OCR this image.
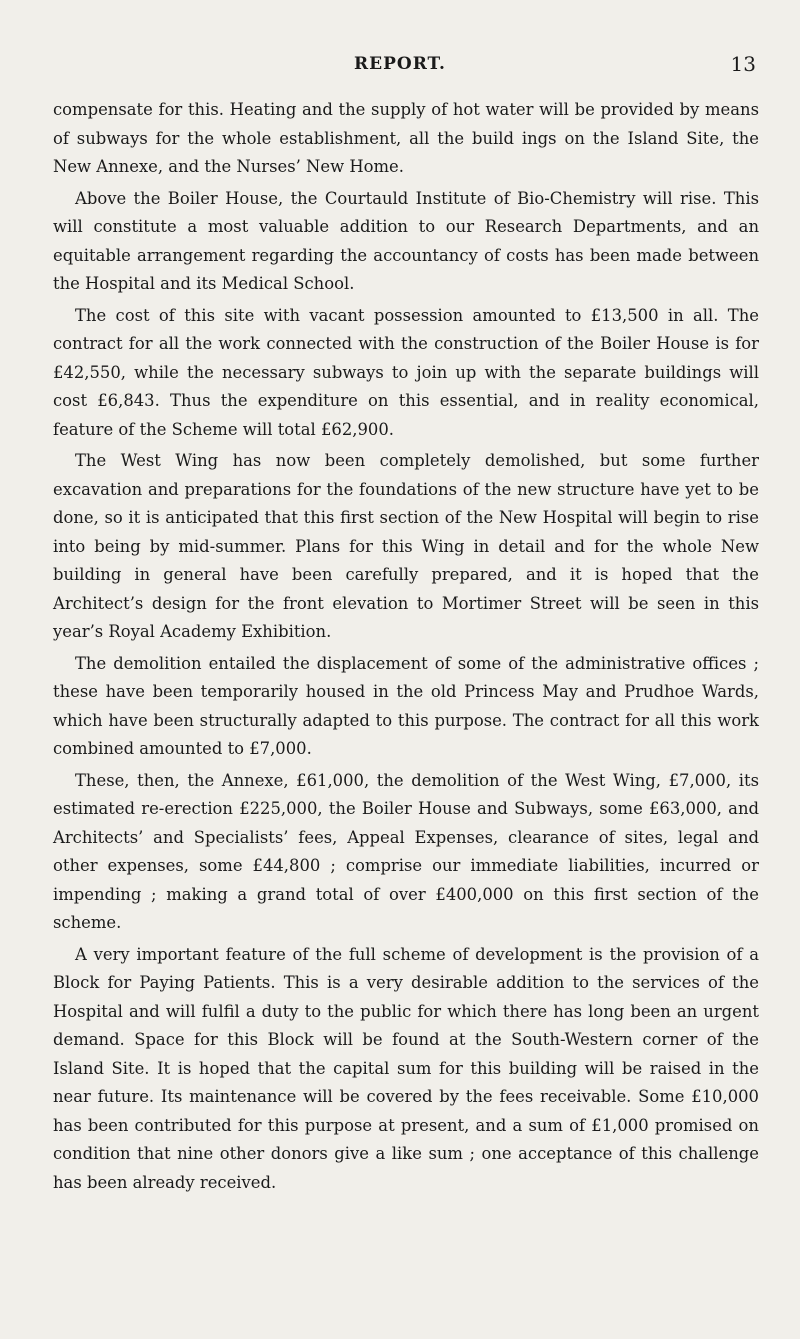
REPORT.	13

compensate for this. Heating and the supply of hot water will be provided by means of subways for the whole establishment, all the build ings on the Island Site, the New Annexe, and the Nurses’ New Home.

Above the Boiler House, the Courtauld Institute of Bio-Chemistry will rise. This will constitute a most valuable addition to our Research Departments, and an equitable arrangement regarding the accountancy of costs has been made between the Hospital and its Medical School.

The cost of this site with vacant possession amounted to £13,500 in all. The contract for all the work connected with the construction of the Boiler House is for £42,550, while the necessary subways to join up with the separate buildings will cost £6,843. Thus the expenditure on this essential, and in reality economical, feature of the Scheme will total £62,900.

The West Wing has now been completely demolished, but some further excavation and preparations for the foundations of the new structure have yet to be done, so it is anticipated that this first section of the New Hospital will begin to rise into being by mid-summer. Plans for this Wing in detail and for the whole New building in general have been carefully prepared, and it is hoped that the Architect’s design for the front elevation to Mortimer Street will be seen in this year’s Royal Academy Exhibition.

The demolition entailed the displacement of some of the administrative offices ; these have been temporarily housed in the old Princess May and Prudhoe Wards, which have been structurally adapted to this purpose. The contract for all this work combined amounted to £7,000.

These, then, the Annexe, £61,000, the demolition of the West Wing, £7,000, its estimated re-erection £225,000, the Boiler House and Subways, some £63,000, and Architects’ and Specialists’ fees, Appeal Expenses, clearance of sites, legal and other expenses, some £44,800 ; comprise our immediate liabilities, incurred or impending ; making a grand total of over £400,000 on this first section of the scheme.

A very important feature of the full scheme of development is the provision of a Block for Paying Patients. This is a very desirable addition to the services of the Hospital and will fulfil a duty to the public for which there has long been an urgent demand. Space for this Block will be found at the South-Western corner of the Island Site. It is hoped that the capital sum for this building will be raised in the near future. Its maintenance will be covered by the fees receivable. Some £10,000 has been contributed for this purpose at present, and a sum of £1,000 promised on condition that nine other donors give a like sum ; one acceptance of this challenge has been already received.
